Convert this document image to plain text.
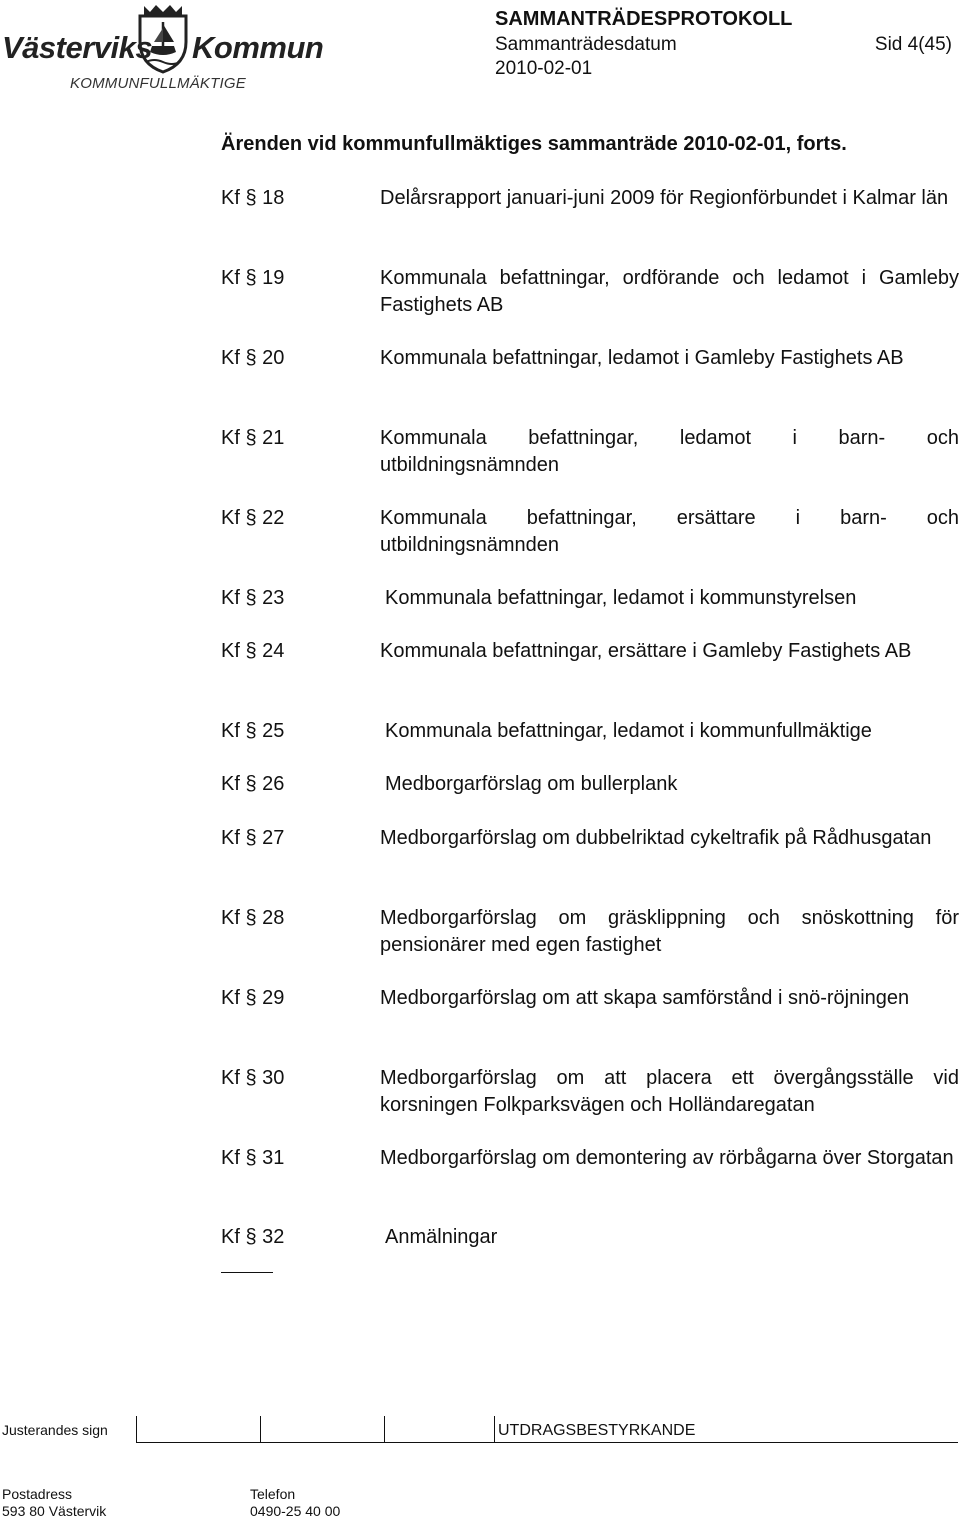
Västerviks Kommun
KOMMUNFULLMÄKTIGE
SAMMANTRÄDESPROTOKOLL
Sammanträdesdatum	Sid 4(45)
2010-02-01
Ärenden vid kommunfullmäktiges sammanträde 2010-02-01, forts.
Kf § 18	Delårsrapport januari-juni 2009 för Regionförbundet i Kalmar län
Kf § 19	Kommunala befattningar, ordförande och ledamot i Gamleby Fastighets AB
Kf § 20	Kommunala befattningar, ledamot i Gamleby Fastighets AB
Kf § 21	Kommunala befattningar, ledamot i barn- och utbildningsnämnden
Kf § 22	Kommunala befattningar, ersättare i barn- och utbildningsnämnden
Kf § 23	Kommunala befattningar, ledamot i kommunstyrelsen
Kf § 24	Kommunala befattningar, ersättare i Gamleby Fastighets AB
Kf § 25	Kommunala befattningar, ledamot i kommunfullmäktige
Kf § 26	Medborgarförslag om bullerplank
Kf § 27	Medborgarförslag om dubbelriktad cykeltrafik på Rådhusgatan
Kf § 28	Medborgarförslag om gräsklippning och snöskottning för pensionärer med egen fastighet
Kf § 29	Medborgarförslag om att skapa samförstånd i snö-röjningen
Kf § 30	Medborgarförslag om att placera ett övergångsställe vid korsningen Folkparksvägen och Holländaregatan
Kf § 31	Medborgarförslag om demontering av rörbågarna över Storgatan
Kf § 32	Anmälningar
Justerandes sign	UTDRAGSBESTYRKANDE
Postadress
593 80 Västervik
Telefon
0490-25 40 00
